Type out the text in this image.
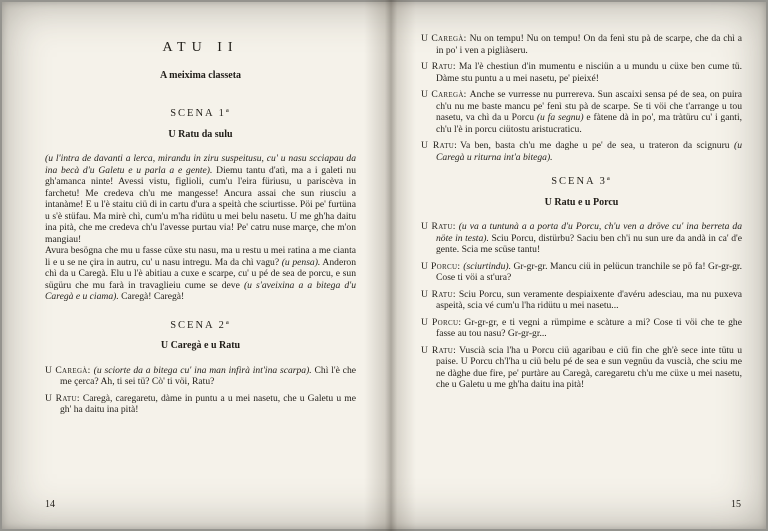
ATU II
A meixima classeta
SCENA 1ª
U Ratu da sulu

(u l'intra de davanti a lerca, mirandu in ziru suspeitusu, cu' u nasu scciapau da ina becà d'u Galetu e u parla a e gente). Diemu tantu d'atì, ma a i galeti nu gh'amanca ninte! Avessi vistu, figlioli, cum'u l'eira füriusu, u pariscèva in farchetu! Me credeva ch'u me mangesse! Ancura assai che sun riusciu a intanàme! E u l'è staitu ciü di in cartu d'ura a speità che sciurtisse. Pöi pe' furtüna u s'è stüfau. Ma mirè chì, cum'u m'ha ridütu u mei belu nasetu. U me gh'ha daitu ina pità, che me credeva ch'u l'avesse purtau via! Pe' catru nuse marçe, che m'on mangiau!

Avura besögna che mu u fasse cüxe stu nasu, ma u restu u mei ratina a me cianta li e u se ne çira in autru, cu' u nasu intregu. Ma da chì vagu? (u pensa). Anderon chì da u Caregà. Elu u l'è abitiau a cuxe e scarpe, cu' u pé de sea de porcu, e sun sügüru che mu farà in travaglieiu cume se deve (u s'aveixina a a bitega d'u Caregà e u ciama). Caregà! Caregà!

SCENA 2ª
U Caregà e u Ratu

U Caregà: (u sciorte da a bitega cu' ina man infirà int'ina scarpa). Chì l'è che me çerca? Ah, ti sei tü? Cò' ti vöi, Ratu?

U Ratu: Caregà, caregaretu, dàme in puntu a u mei nasetu, che u Galetu u me gh' ha daitu ina pità!

U Caregà: Nu on tempu! Nu on tempu! On da fenì stu pà de scarpe, che da chì a in po' i ven a pigliàseru.

U Ratu: Ma l'è chestiun d'in mumentu e nisciün a u mundu u cüxe ben cume tü. Dàme stu puntu a u mei nasetu, pe' pieixé!

U Caregà: Anche se vurresse nu purrereva. Sun ascaixi sensa pé de sea, on puira ch'u nu me baste mancu pe' fenì stu pà de scarpe. Se ti vöi che t'arrange u tou nasetu, va chì da u Porcu (u fa segnu) e fàtene dà in po', ma tràtüru cu' i ganti, ch'u l'è in porcu ciütostu aristucraticu.

U Ratu: Va ben, basta ch'u me daghe u pe' de sea, u trateron da scignuru (u Caregà u riturna int'a bitega).

SCENA 3ª
U Ratu e u Porcu

U Ratu: (u va a tuntunà a a porta d'u Porcu, ch'u ven a dröve cu' ina berreta da nöte in testa). Sciu Porcu, distürbu? Saciu ben ch'i nu sun ure da andà in ca' d'e gente. Scia me scüse tantu!

U Porcu: (sciurtindu). Gr-gr-gr. Mancu ciü in pelücun tranchile se pö fa! Gr-gr-gr. Cose ti vöi a st'ura?

U Ratu: Sciu Porcu, sun veramente despiaixente d'avéru adesciau, ma nu puxeva aspeità, scia vé cum'u l'ha ridütu u mei nasetu...

U Porcu: Gr-gr-gr, e ti vegni a rümpime e scàture a mi? Cose ti vöi che te ghe fasse au tou nasu? Gr-gr-gr...

U Ratu: Vuscià scia l'ha u Porcu ciü agaribau e ciü fin che gh'è sece inte tütu u paise. U Porcu ch'l'ha u ciü belu pé de sea e sun vegnüu da vuscià, che sciu me ne dàghe due fire, pe' purtàre au Caregà, caregaretu ch'u me cüxe u mei nasetu, che u Galetu u me gh'ha daitu ina pità!

14	15
